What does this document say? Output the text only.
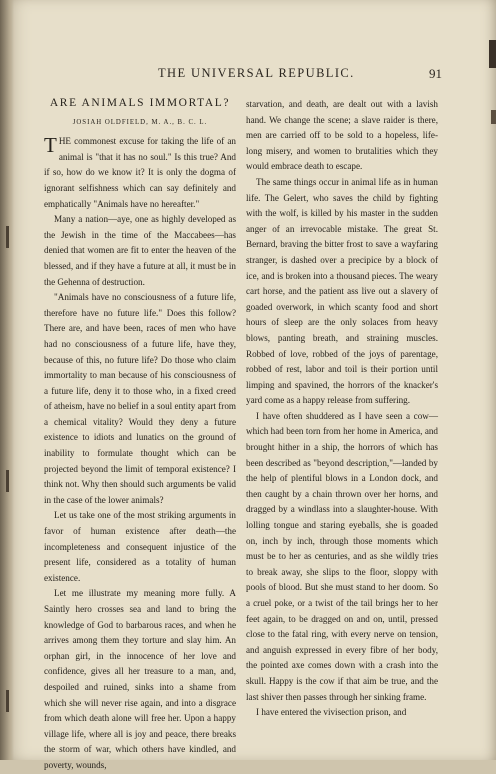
THE UNIVERSAL REPUBLIC.	91
ARE ANIMALS IMMORTAL?
JOSIAH OLDFIELD, M. A., B. C. L.

THE commonest excuse for taking the life of an animal is "that it has no soul." Is this true? And if so, how do we know it? It is only the dogma of ignorant selfishness which can say definitely and emphatically "Animals have no hereafter."

Many a nation—aye, one as highly developed as the Jewish in the time of the Maccabees—has denied that women are fit to enter the heaven of the blessed, and if they have a future at all, it must be in the Gehenna of destruction.

"Animals have no consciousness of a future life, therefore have no future life." Does this follow? There are, and have been, races of men who have had no consciousness of a future life, have they, because of this, no future life? Do those who claim immortality to man because of his consciousness of a future life, deny it to those who, in a fixed creed of atheism, have no belief in a soul entity apart from a chemical vitality? Would they deny a future existence to idiots and lunatics on the ground of inability to formulate thought which can be projected beyond the limit of temporal existence? I think not. Why then should such arguments be valid in the case of the lower animals?

Let us take one of the most striking arguments in favor of human existence after death—the incompleteness and consequent injustice of the present life, considered as a totality of human existence.

Let me illustrate my meaning more fully. A Saintly hero crosses sea and land to bring the knowledge of God to barbarous races, and when he arrives among them they torture and slay him. An orphan girl, in the innocence of her love and confidence, gives all her treasure to a man, and, despoiled and ruined, sinks into a shame from which she will never rise again, and into a disgrace from which death alone will free her. Upon a happy village life, where all is joy and peace, there breaks the storm of war, which others have kindled, and poverty, wounds,

starvation, and death, are dealt out with a lavish hand. We change the scene; a slave raider is there, men are carried off to be sold to a hopeless, life-long misery, and women to brutalities which they would embrace death to escape.

The same things occur in animal life as in human life. The Gelert, who saves the child by fighting with the wolf, is killed by his master in the sudden anger of an irrevocable mistake. The great St. Bernard, braving the bitter frost to save a wayfaring stranger, is dashed over a precipice by a block of ice, and is broken into a thousand pieces. The weary cart horse, and the patient ass live out a slavery of goaded overwork, in which scanty food and short hours of sleep are the only solaces from heavy blows, panting breath, and straining muscles. Robbed of love, robbed of the joys of parentage, robbed of rest, labor and toil is their portion until limping and spavined, the horrors of the knacker's yard come as a happy release from suffering.

I have often shuddered as I have seen a cow—which had been torn from her home in America, and brought hither in a ship, the horrors of which has been described as "beyond description,"—landed by the help of plentiful blows in a London dock, and then caught by a chain thrown over her horns, and dragged by a windlass into a slaughter-house. With lolling tongue and staring eyeballs, she is goaded on, inch by inch, through those moments which must be to her as centuries, and as she wildly tries to break away, she slips to the floor, sloppy with pools of blood. But she must stand to her doom. So a cruel poke, or a twist of the tail brings her to her feet again, to be dragged on and on, until, pressed close to the fatal ring, with every nerve on tension, and anguish expressed in every fibre of her body, the pointed axe comes down with a crash into the skull. Happy is the cow if that aim be true, and the last shiver then passes through her sinking frame.

I have entered the vivisection prison, and
